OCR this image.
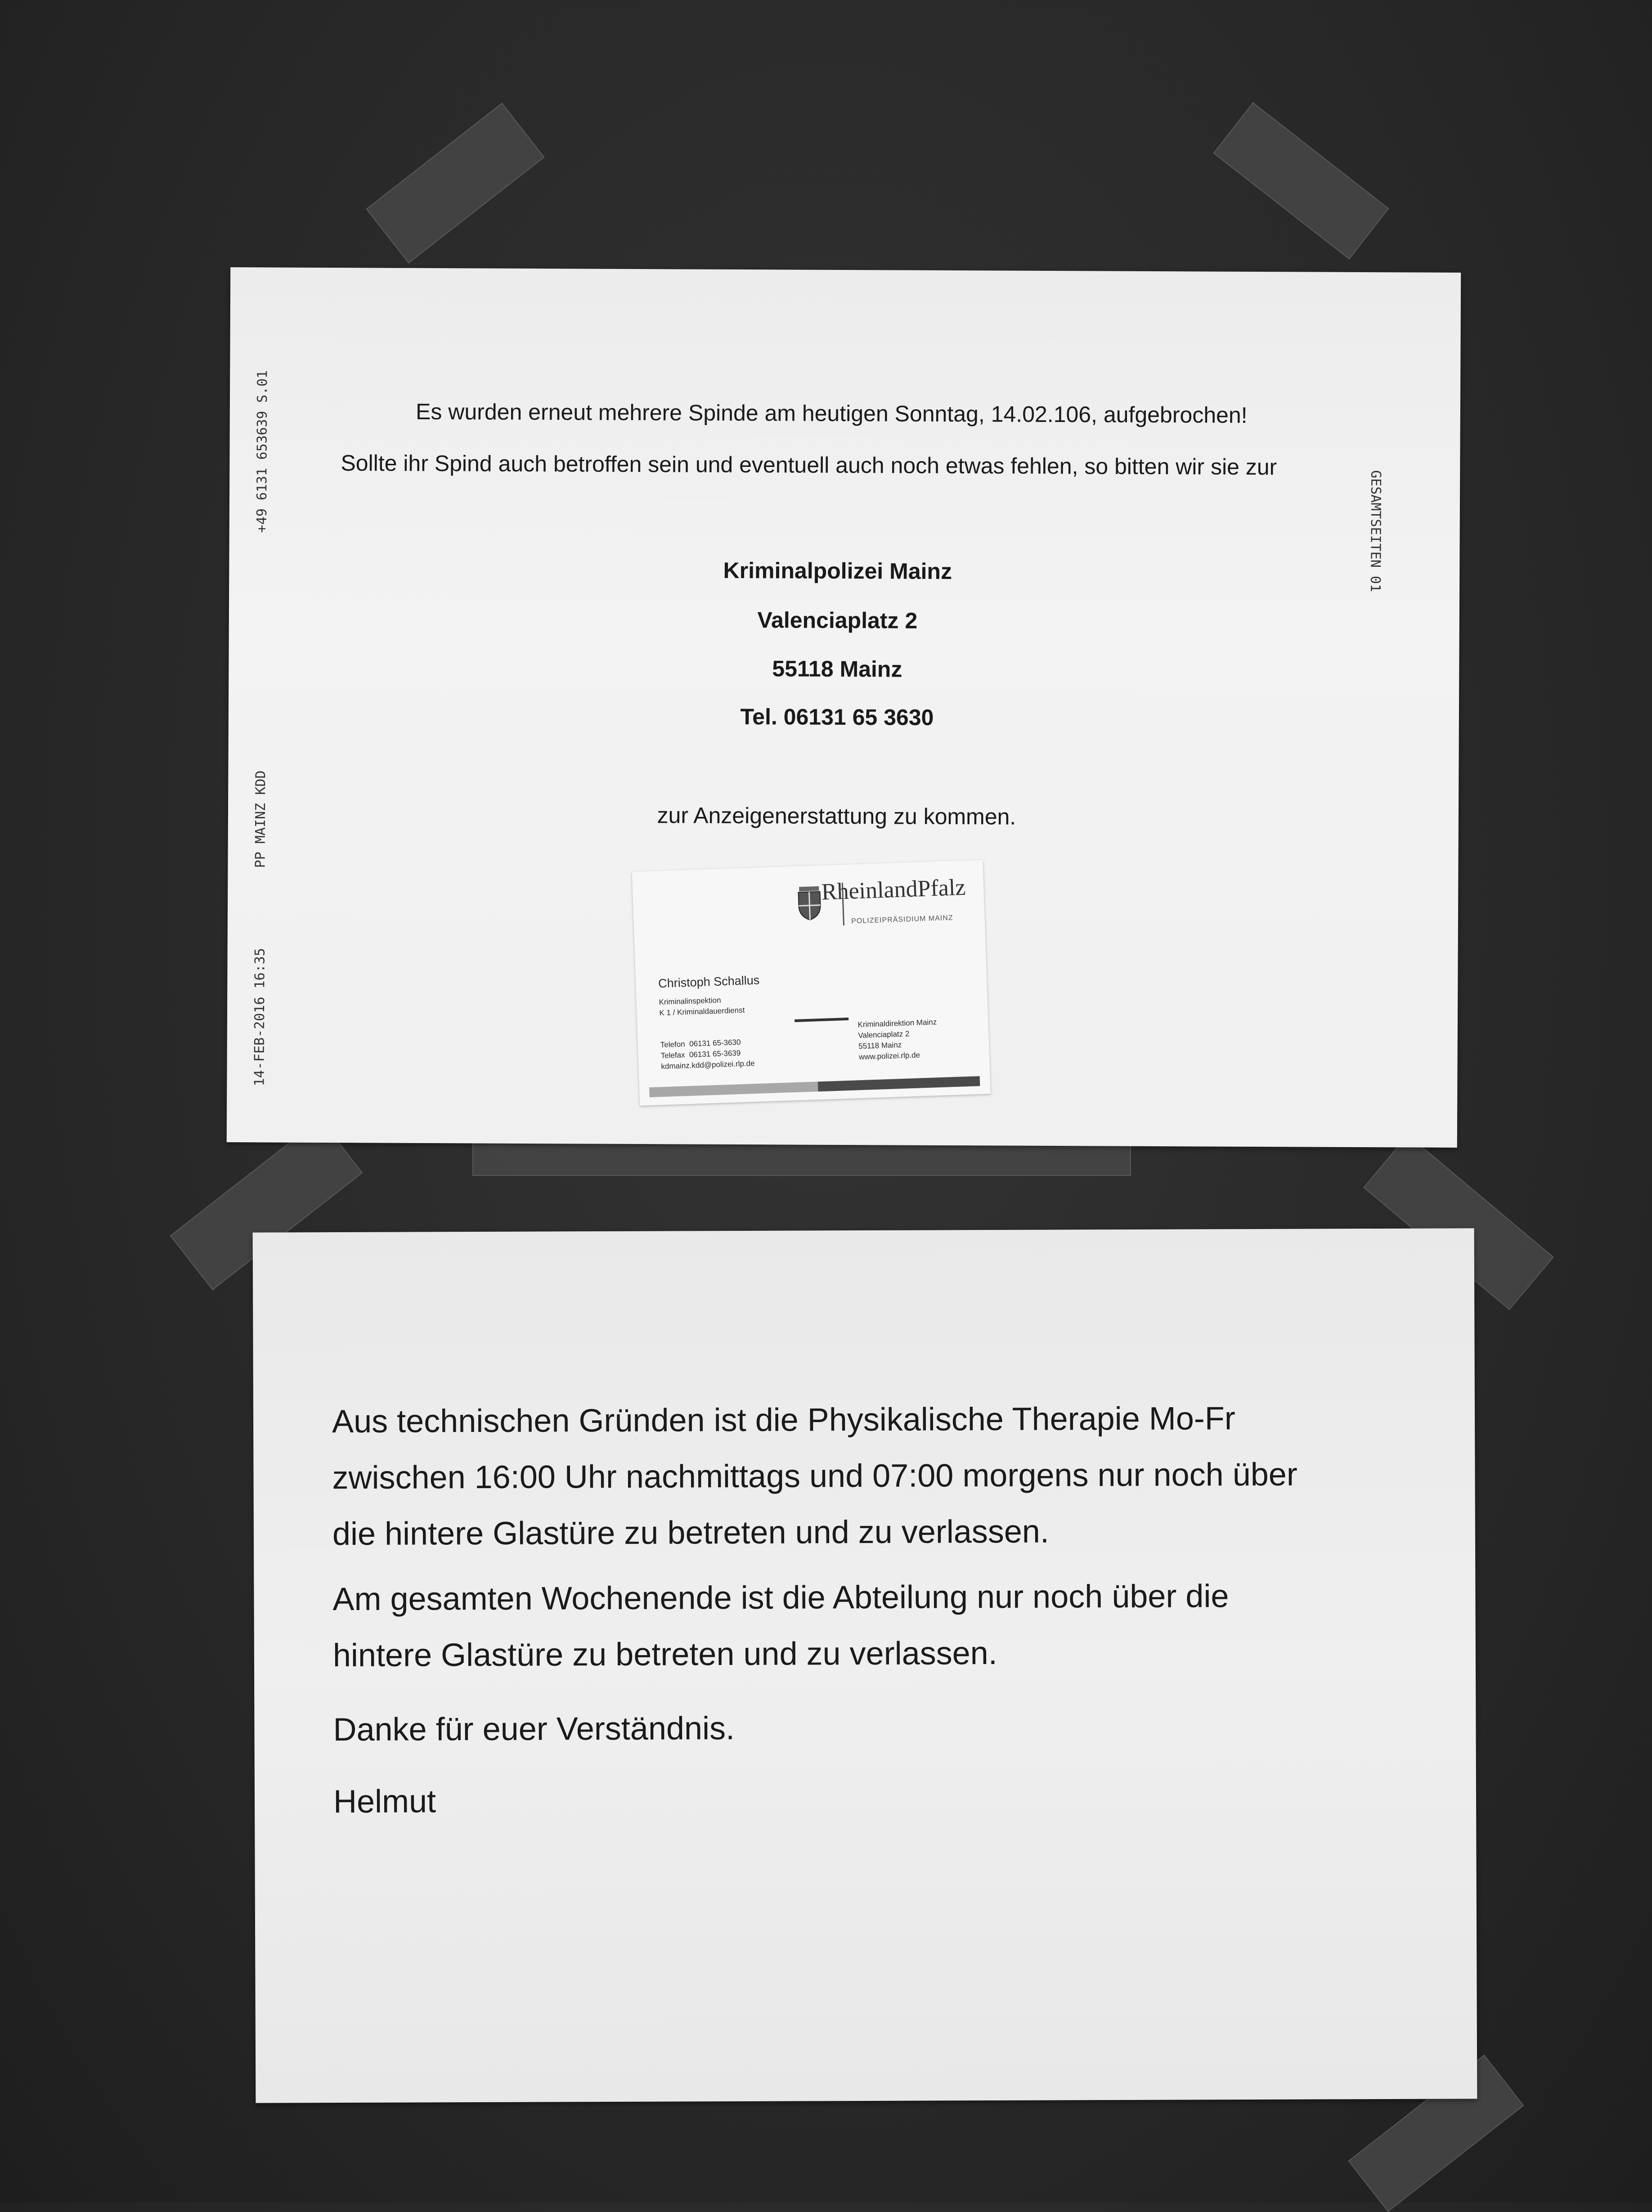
+49 6131 653639 S.01
PP MAINZ KDD
14-FEB-2016 16:35
GESAMTSEITEN 01
Es wurden erneut mehrere Spinde am heutigen Sonntag, 14.02.106, aufgebrochen!
Sollte ihr Spind auch betroffen sein und eventuell auch noch etwas fehlen, so bitten wir sie zur
Kriminalpolizei Mainz
Valenciaplatz 2
55118 Mainz
Tel. 06131 65 3630
zur Anzeigenerstattung zu kommen.
RheinlandPfalz
POLIZEIPRÄSIDIUM MAINZ
Christoph Schallus
Kriminalinspektion
K 1 / Kriminaldauerdienst
Telefon  06131 65-3630
Telefax  06131 65-3639
kdmainz.kdd@polizei.rlp.de
Kriminaldirektion Mainz
Valenciaplatz 2
55118 Mainz
www.polizei.rlp.de
Aus technischen Gründen ist die Physikalische Therapie Mo-Fr
zwischen 16:00 Uhr nachmittags und 07:00 morgens nur noch über
die hintere Glastüre zu betreten und zu verlassen.
Am gesamten Wochenende ist die Abteilung nur noch über die
hintere Glastüre zu betreten und zu verlassen.
Danke für euer Verständnis.
Helmut
